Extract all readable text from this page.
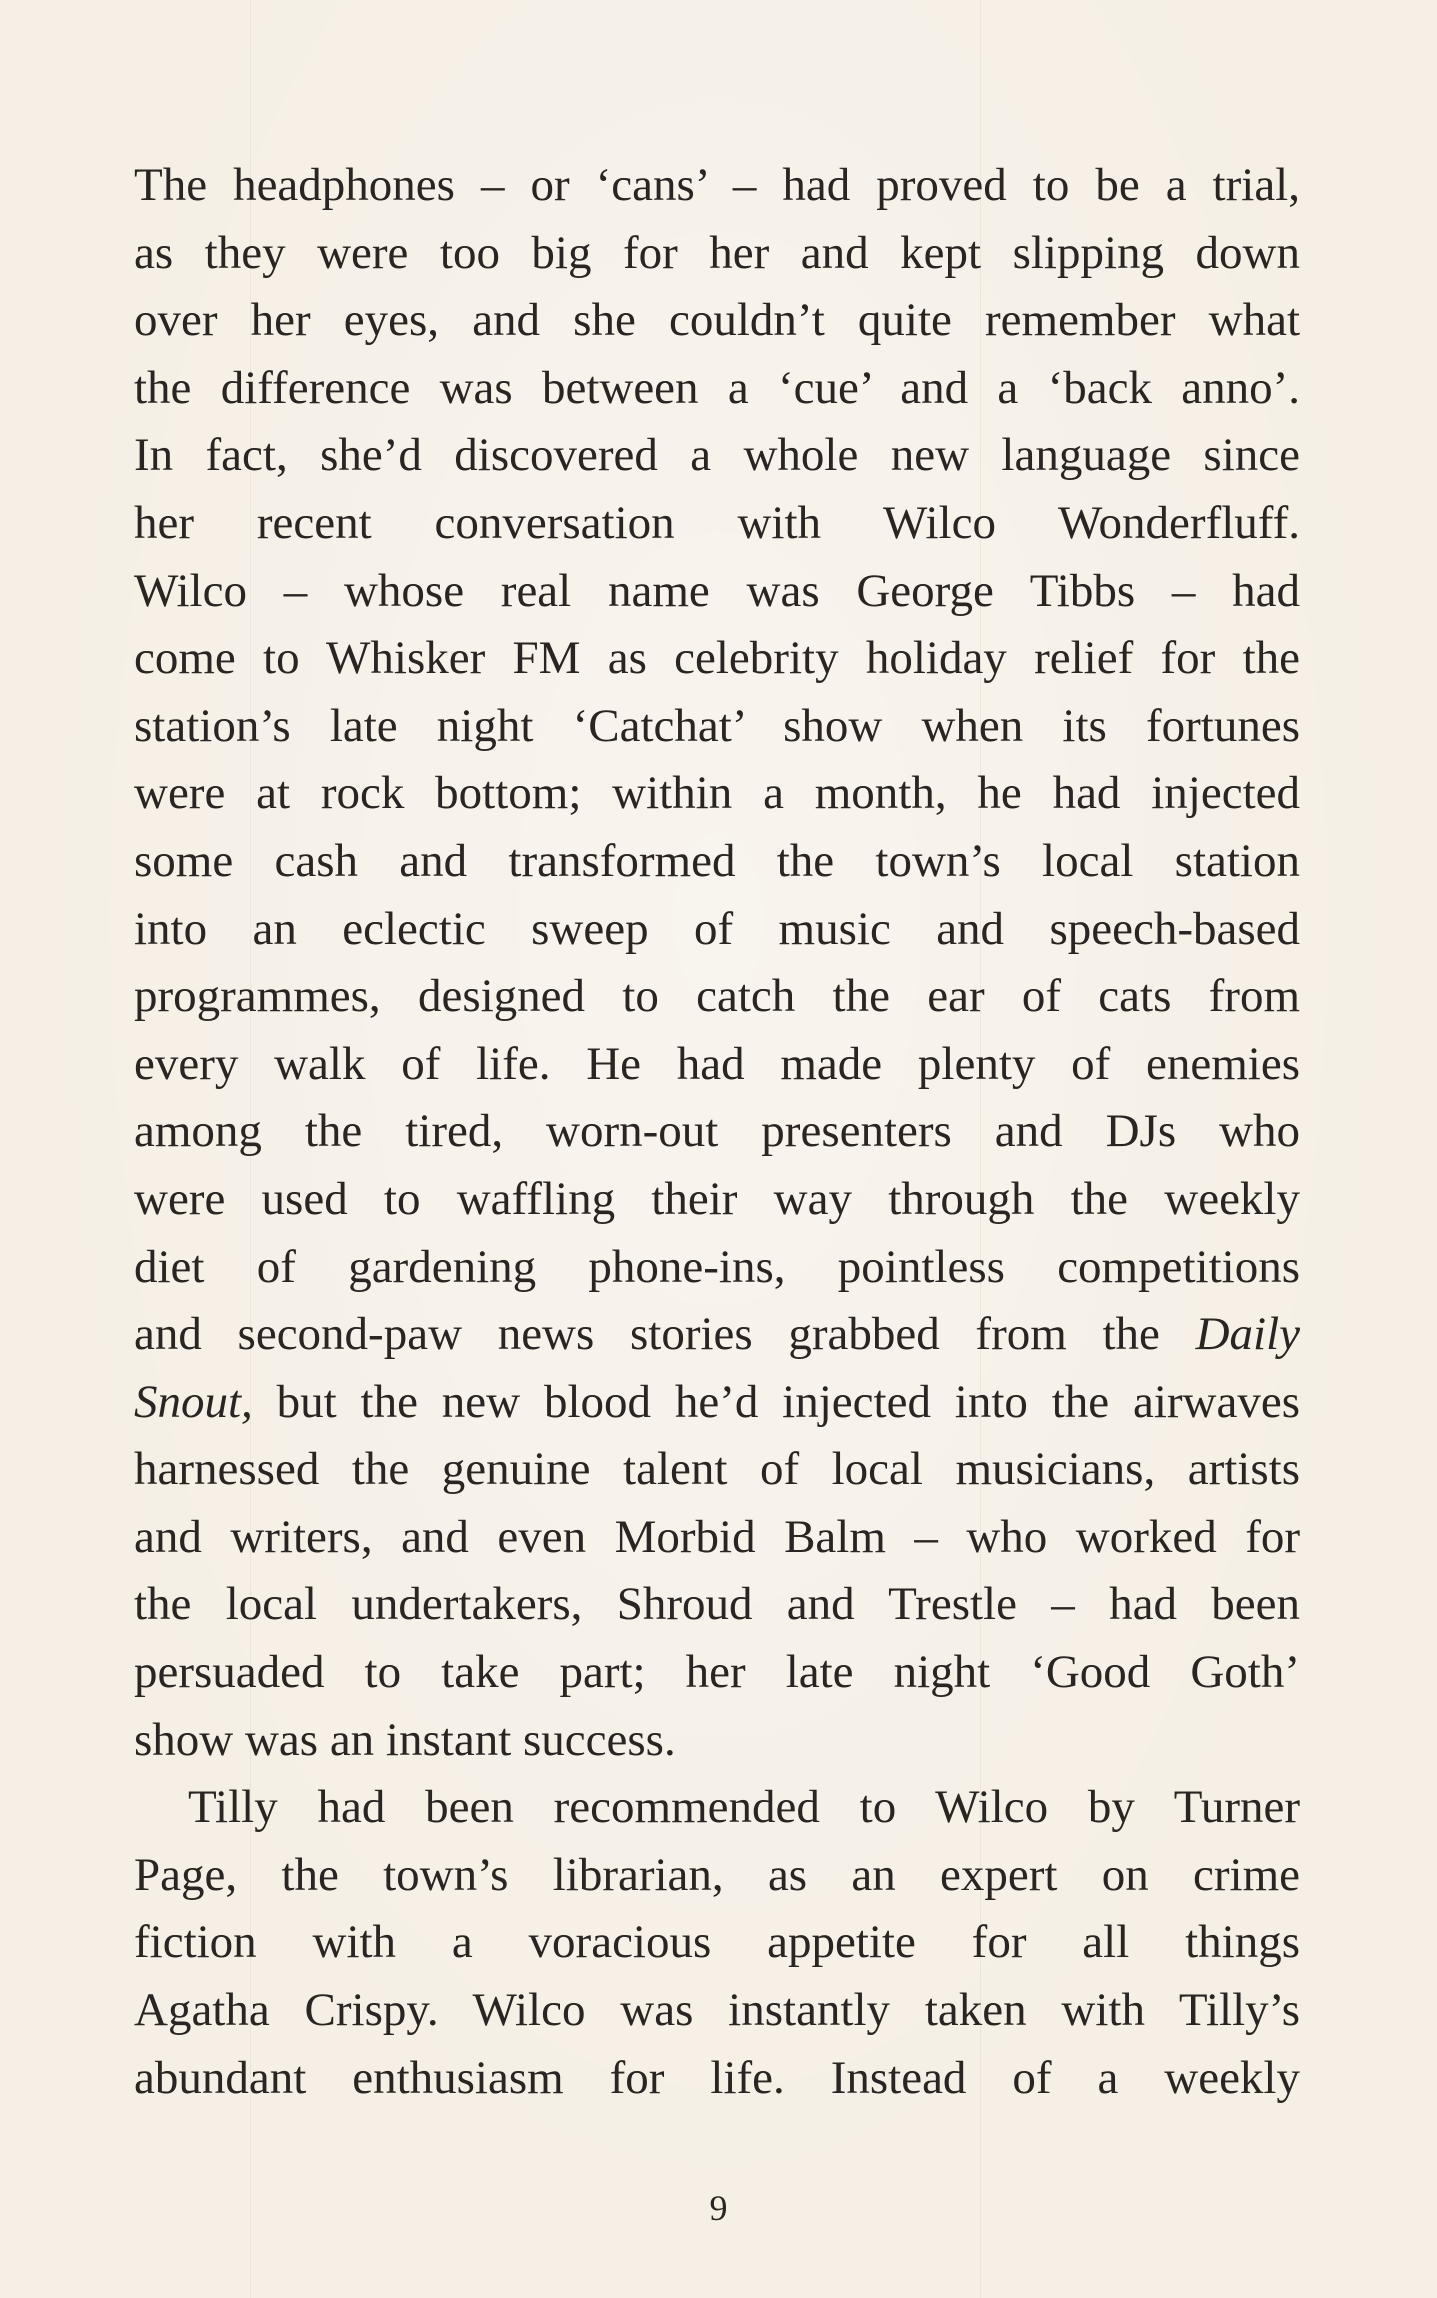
The headphones – or ‘cans’ – had proved to be a trial,
as they were too big for her and kept slipping down
over her eyes, and she couldn’t quite remember what
the difference was between a ‘cue’ and a ‘back anno’.
In fact, she’d discovered a whole new language since
her recent conversation with Wilco Wonderfluff.
Wilco – whose real name was George Tibbs – had
come to Whisker FM as celebrity holiday relief for the
station’s late night ‘Catchat’ show when its fortunes
were at rock bottom; within a month, he had injected
some cash and transformed the town’s local station
into an eclectic sweep of music and speech-based
programmes, designed to catch the ear of cats from
every walk of life. He had made plenty of enemies
among the tired, worn-out presenters and DJs who
were used to waffling their way through the weekly
diet of gardening phone-ins, pointless competitions
and second-paw news stories grabbed from the Daily
Snout, but the new blood he’d injected into the airwaves
harnessed the genuine talent of local musicians, artists
and writers, and even Morbid Balm – who worked for
the local undertakers, Shroud and Trestle – had been
persuaded to take part; her late night ‘Good Goth’
show was an instant success.
Tilly had been recommended to Wilco by Turner
Page, the town’s librarian, as an expert on crime
fiction with a voracious appetite for all things
Agatha Crispy. Wilco was instantly taken with Tilly’s
abundant enthusiasm for life. Instead of a weekly
9
